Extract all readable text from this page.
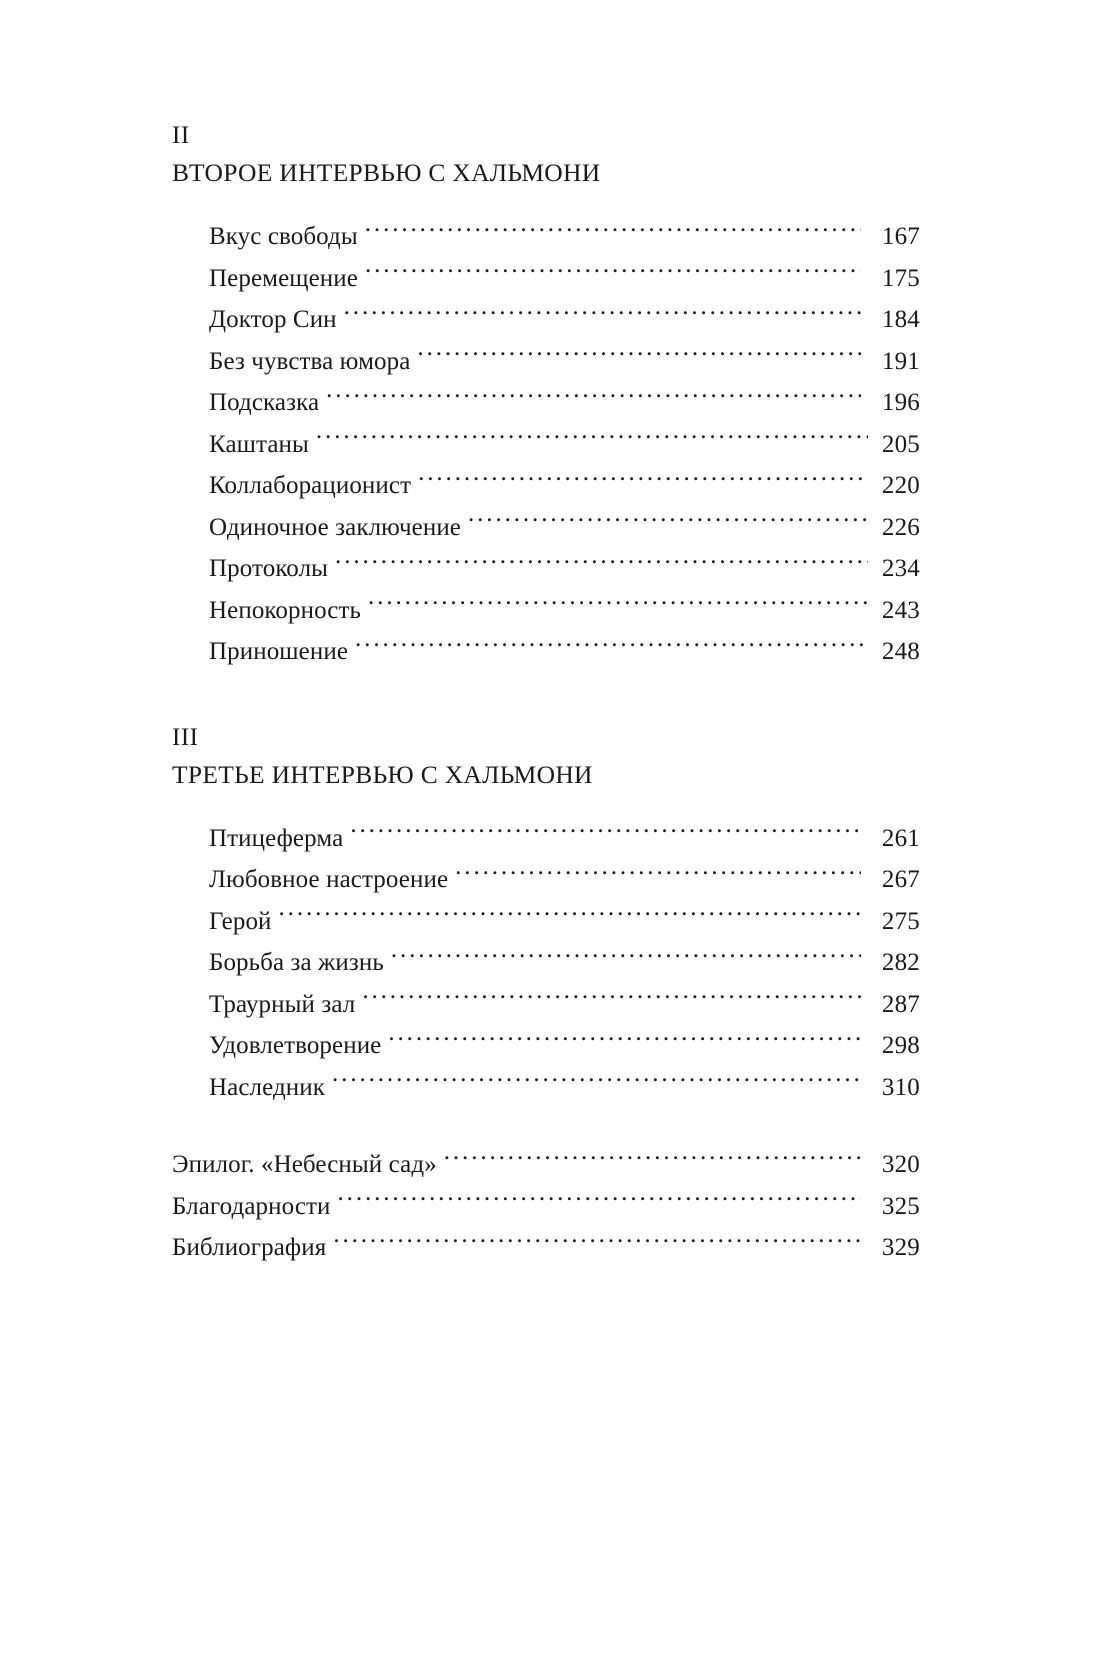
II
ВТОРОЕ ИНТЕРВЬЮ С ХАЛЬМОНИ
Вкус свободы .....	167
Перемещение .....	175
Доктор Син .....	184
Без чувства юмора .....	191
Подсказка .....	196
Каштаны .....	205
Коллаборационист .....	220
Одиночное заключение .....	226
Протоколы .....	234
Непокорность .....	243
Приношение .....	248
III
ТРЕТЬЕ ИНТЕРВЬЮ С ХАЛЬМОНИ
Птицеферма .....	261
Любовное настроение .....	267
Герой .....	275
Борьба за жизнь .....	282
Траурный зал .....	287
Удовлетворение .....	298
Наследник .....	310
Эпилог. «Небесный сад» .....	320
Благодарности .....	325
Библиография .....	329
